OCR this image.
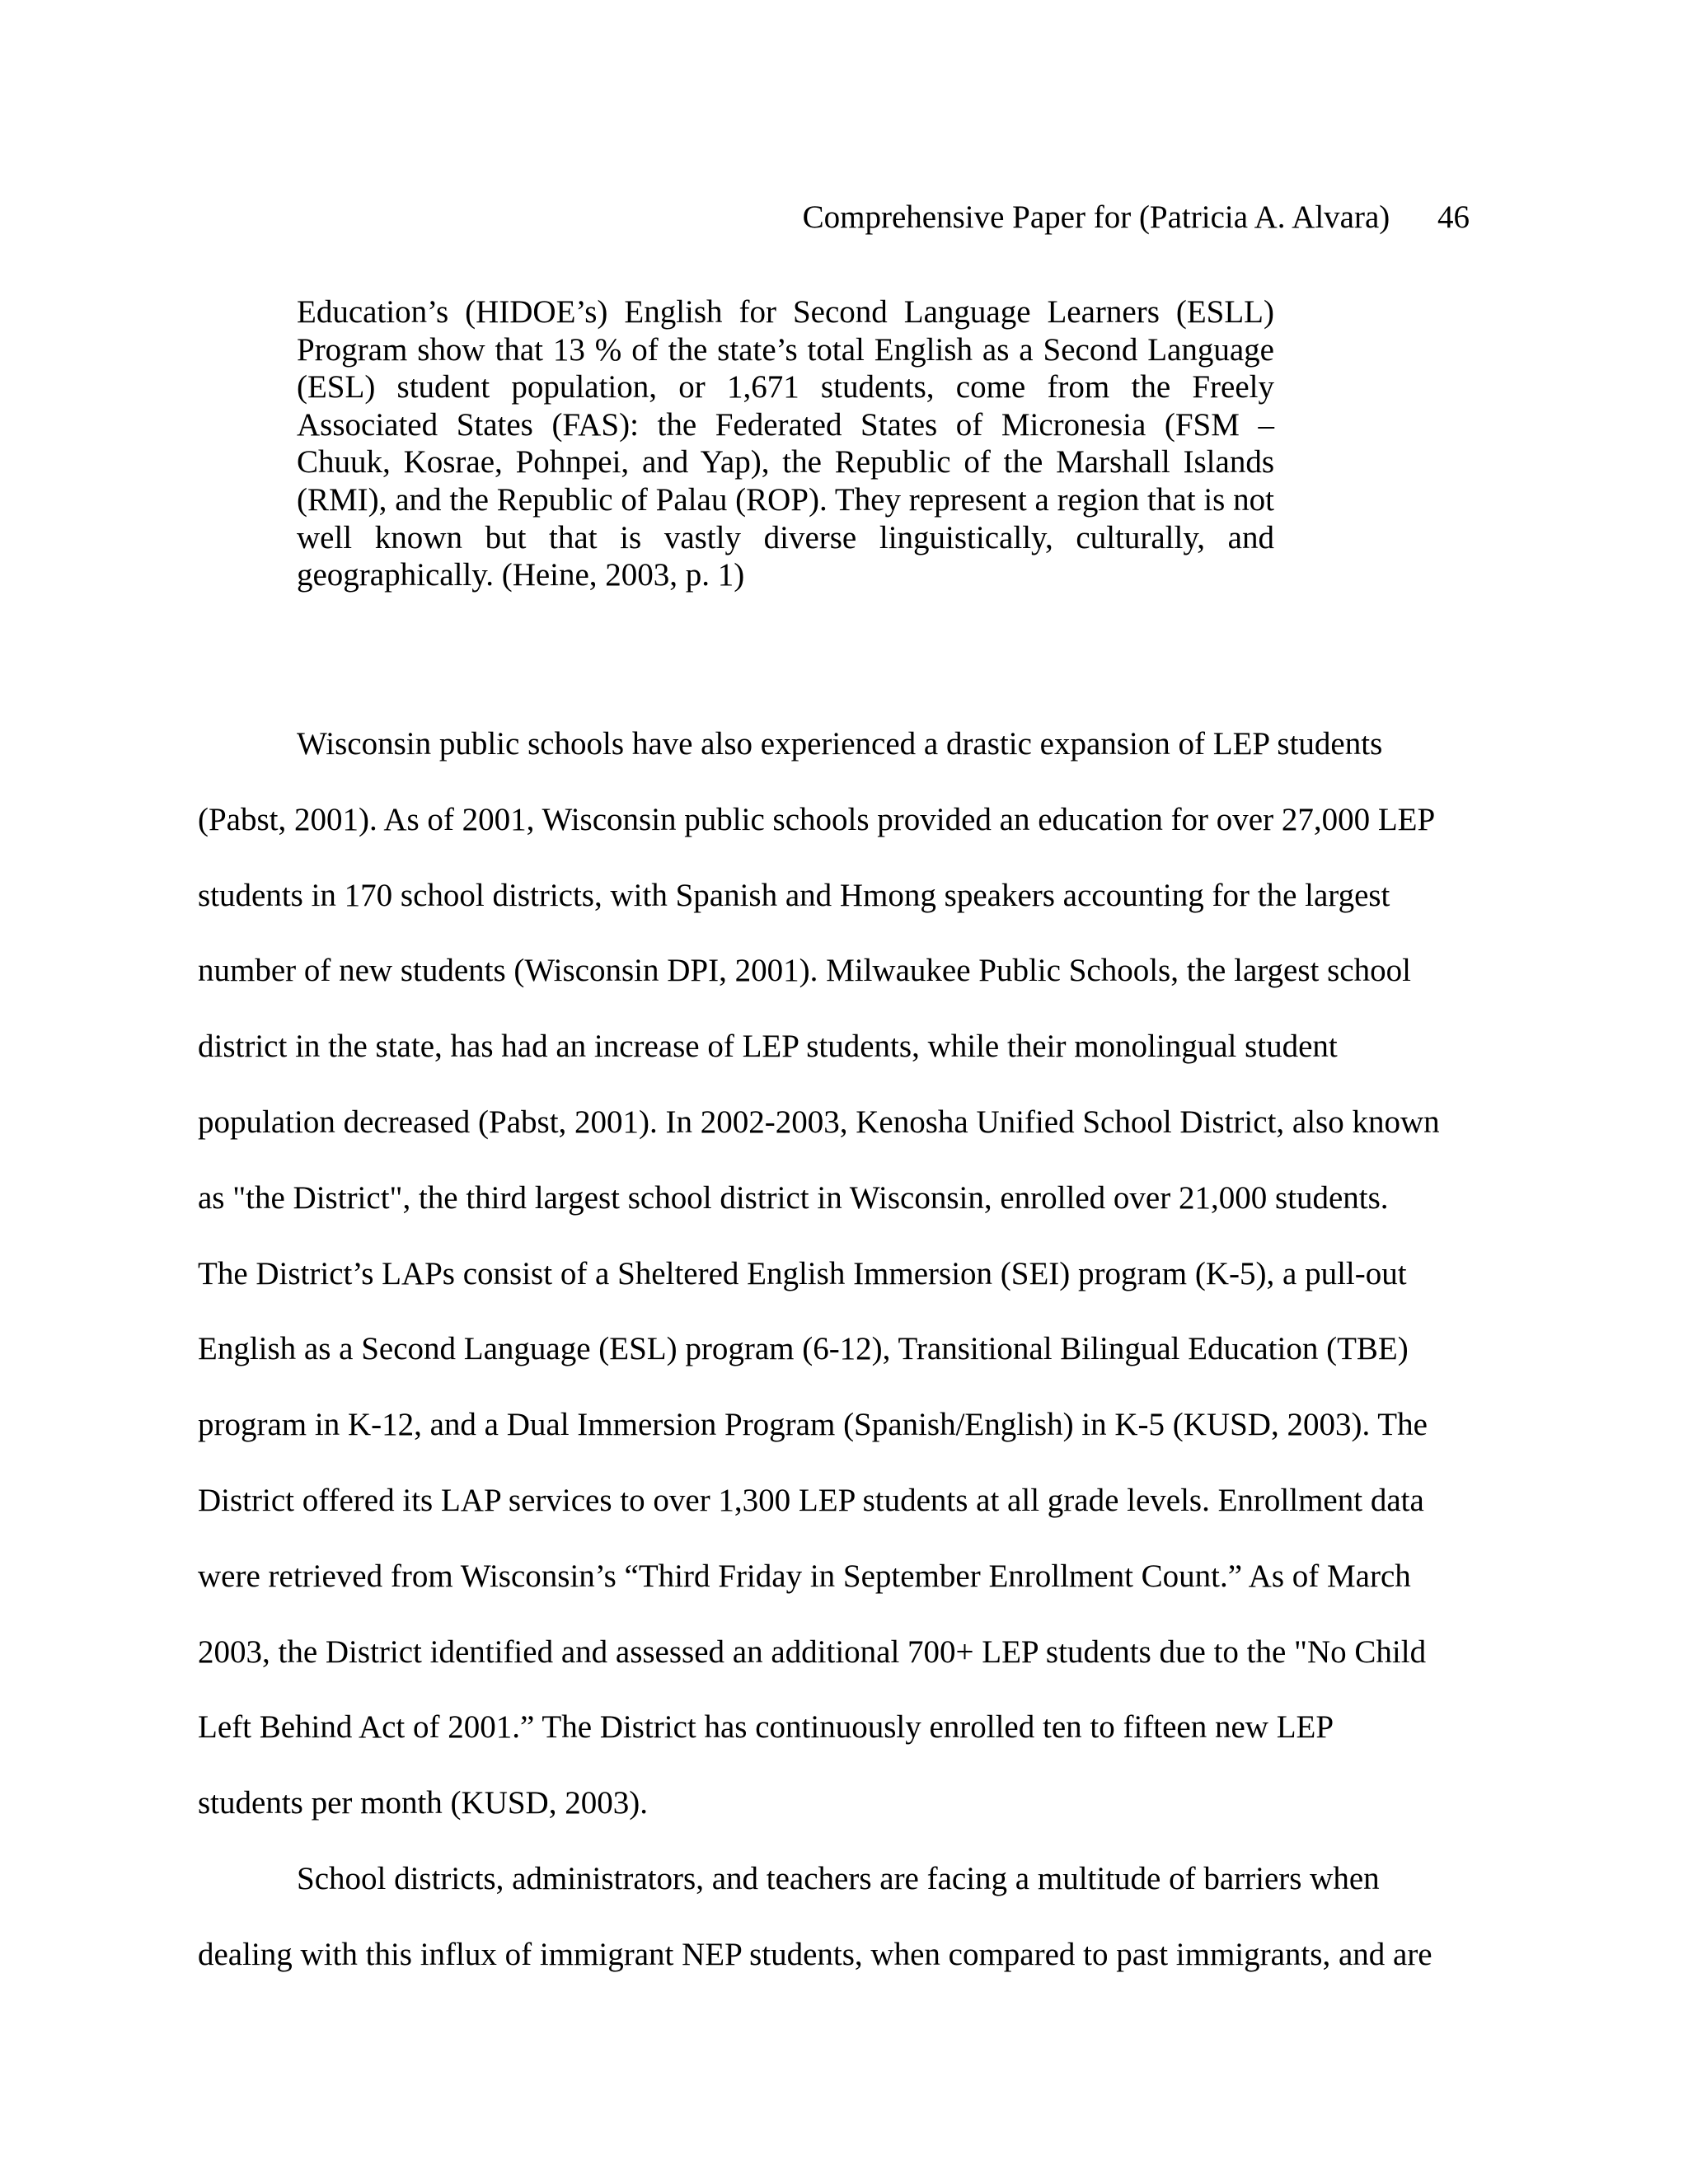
Comprehensive Paper for (Patricia A. Alvara) 46
Education’s (HIDOE’s) English for Second Language Learners (ESLL) Program show that 13 % of the state’s total English as a Second Language (ESL) student population, or 1,671 students, come from the Freely Associated States (FAS): the Federated States of Micronesia (FSM – Chuuk, Kosrae, Pohnpei, and Yap), the Republic of the Marshall Islands (RMI), and the Republic of Palau (ROP). They represent a region that is not well known but that is vastly diverse linguistically, culturally, and geographically. (Heine, 2003, p. 1)

Wisconsin public schools have also experienced a drastic expansion of LEP students
(Pabst, 2001). As of 2001, Wisconsin public schools provided an education for over 27,000 LEP
students in 170 school districts, with Spanish and Hmong speakers accounting for the largest
number of new students (Wisconsin DPI, 2001). Milwaukee Public Schools, the largest school
district in the state, has had an increase of LEP students, while their monolingual student
population decreased (Pabst, 2001). In 2002-2003, Kenosha Unified School District, also known
as "the District", the third largest school district in Wisconsin, enrolled over 21,000 students.
The District’s LAPs consist of a Sheltered English Immersion (SEI) program (K-5), a pull-out
English as a Second Language (ESL) program (6-12), Transitional Bilingual Education (TBE)
program in K-12, and a Dual Immersion Program (Spanish/English) in K-5 (KUSD, 2003). The
District offered its LAP services to over 1,300 LEP students at all grade levels. Enrollment data
were retrieved from Wisconsin’s “Third Friday in September Enrollment Count.” As of March
2003, the District identified and assessed an additional 700+ LEP students due to the "No Child
Left Behind Act of 2001.” The District has continuously enrolled ten to fifteen new LEP
students per month (KUSD, 2003).

School districts, administrators, and teachers are facing a multitude of barriers when
dealing with this influx of immigrant NEP students, when compared to past immigrants, and are
